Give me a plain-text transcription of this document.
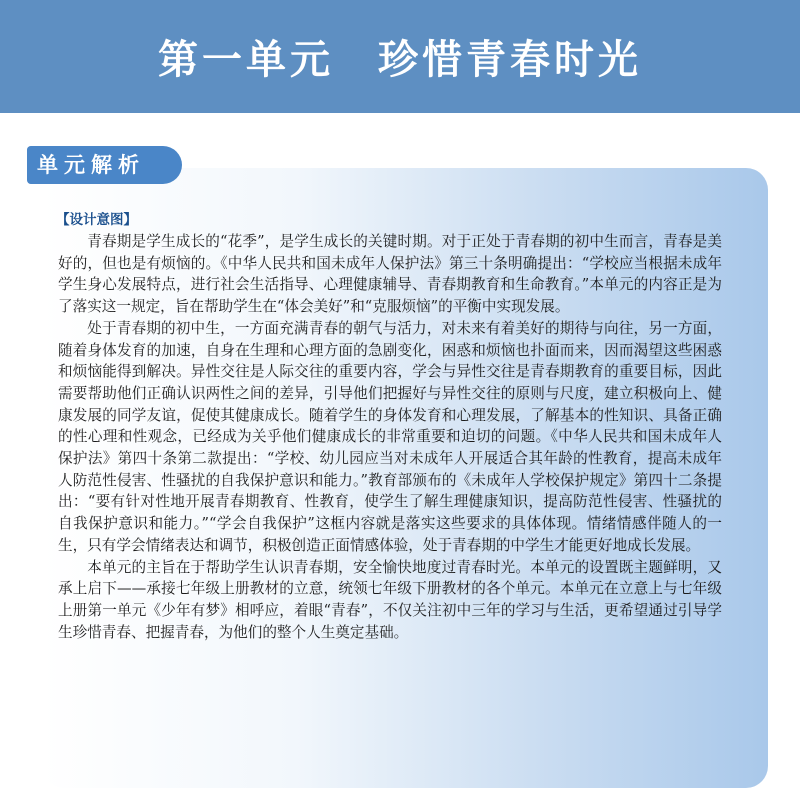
第一单元　珍惜青春时光
单元解析
【设计意图】

青春期是学生成长的“花季”，是学生成长的关键时期。对于正处于青春期的初中生而言，青春是美好的，但也是有烦恼的。《中华人民共和国未成年人保护法》第三十条明确提出：“学校应当根据未成年学生身心发展特点，进行社会生活指导、心理健康辅导、青春期教育和生命教育。”本单元的内容正是为了落实这一规定，旨在帮助学生在“体会美好”和“克服烦恼”的平衡中实现发展。

处于青春期的初中生，一方面充满青春的朝气与活力，对未来有着美好的期待与向往，另一方面，随着身体发育的加速，自身在生理和心理方面的急剧变化，困惑和烦恼也扑面而来，因而渴望这些困惑和烦恼能得到解决。异性交往是人际交往的重要内容，学会与异性交往是青春期教育的重要目标，因此需要帮助他们正确认识两性之间的差异，引导他们把握好与异性交往的原则与尺度，建立积极向上、健康发展的同学友谊，促使其健康成长。随着学生的身体发育和心理发展，了解基本的性知识、具备正确的性心理和性观念，已经成为关乎他们健康成长的非常重要和迫切的问题。《中华人民共和国未成年人保护法》第四十条第二款提出：“学校、幼儿园应当对未成年人开展适合其年龄的性教育，提高未成年人防范性侵害、性骚扰的自我保护意识和能力。”教育部颁布的《未成年人学校保护规定》第四十二条提出：“要有针对性地开展青春期教育、性教育，使学生了解生理健康知识，提高防范性侵害、性骚扰的自我保护意识和能力。”“学会自我保护”这框内容就是落实这些要求的具体体现。情绪情感伴随人的一生，只有学会情绪表达和调节，积极创造正面情感体验，处于青春期的中学生才能更好地成长发展。

本单元的主旨在于帮助学生认识青春期，安全愉快地度过青春时光。本单元的设置既主题鲜明，又承上启下——承接七年级上册教材的立意，统领七年级下册教材的各个单元。本单元在立意上与七年级上册第一单元《少年有梦》相呼应，着眼“青春”，不仅关注初中三年的学习与生活，更希望通过引导学生珍惜青春、把握青春，为他们的整个人生奠定基础。
